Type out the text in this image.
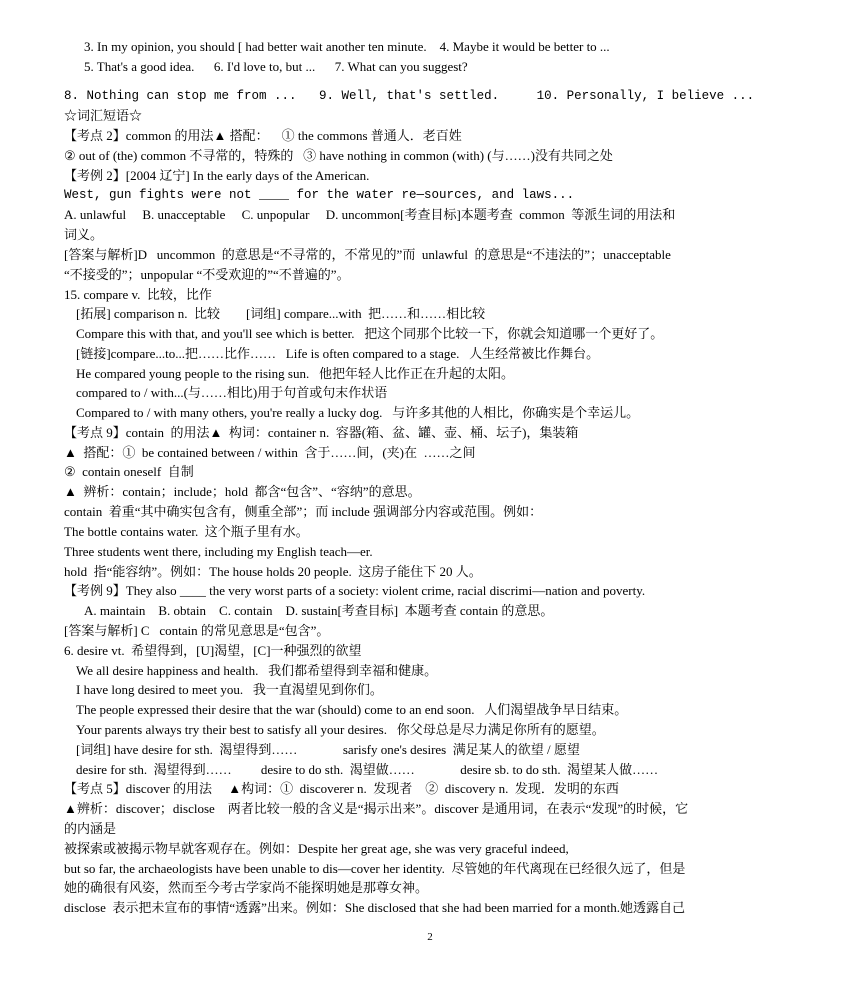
3. In my opinion, you should [ had better wait another ten minute.    4. Maybe it would be better to ...
5. That's a good idea.      6. I'd love to, but ...      7. What can you suggest?
8. Nothing can stop me from ...   9. Well, that's settled.     10. Personally, I believe ...
☆词汇短语☆
【考点 2】common 的用法▲ 搭配：    ① the commons 普通人．老百姓
② out of (the) common 不寻常的，特殊的   ③ have nothing in common (with) (与……)没有共同之处
【考例 2】[2004 辽宁] In the early days of the American.
West, gun fights were not ____ for the water re—sources, and laws...
A. unlawful     B. unacceptable     C. unpopular     D. uncommon[考查目标]本题考查  common  等派生词的用法和
词义。
[答案与解析]D   uncommon  的意思是“不寻常的，不常见的”而  unlawful  的意思是“不违法的”；unacceptable
“不接受的”；unpopular “不受欢迎的”“不普遍的”。
15. compare v.  比较，比作
[拓展] comparison n.  比较        [词组] compare...with  把……和……相比较
Compare this with that, and you'll see which is better.   把这个同那个比较一下，你就会知道哪一个更好了。
[链接]compare...to...把……比作……   Life is often compared to a stage.   人生经常被比作舞台。
He compared young people to the rising sun.   他把年轻人比作正在升起的太阳。
compared to / with...(与……相比)用于句首或句末作状语
Compared to / with many others, you're really a lucky dog.   与许多其他的人相比，你确实是个幸运儿。
【考点 9】contain  的用法▲  构词：container n.  容器(箱、盆、罐、壶、桶、坛子)，集装箱
▲  搭配：①  be contained between / within  含于……间，(夹)在  ……之间
②  contain oneself  自制
▲  辨析：contain；include；hold  都含“包含”、“容纳”的意思。
contain  着重“其中确实包含有，侧重全部”；而 include 强调部分内容或范围。例如：
The bottle contains water.  这个瓶子里有水。
Three students went there, including my English teach—er.
hold  指“能容纳”。例如：The house holds 20 people.  这房子能住下 20 人。
【考例 9】They also ____ the very worst parts of a society: violent crime, racial discrimi—nation and poverty.
A. maintain    B. obtain    C. contain    D. sustain[考查目标]  本题考查 contain 的意思。
[答案与解析] C   contain 的常见意思是“包含”。
6. desire vt.  希望得到，[U]渴望，[C]一种强烈的欲望
We all desire happiness and health.   我们都希望得到幸福和健康。
I have long desired to meet you.   我一直渴望见到你们。
The people expressed their desire that the war (should) come to an end soon.   人们渴望战争早日结束。
Your parents always try their best to satisfy all your desires.   你父母总是尽力满足你所有的愿望。
[词组] have desire for sth.  渴望得到……              sarisfy one's desires  满足某人的欲望 / 愿望
desire for sth.  渴望得到……         desire to do sth.  渴望做……              desire sb. to do sth.  渴望某人做……
【考点 5】discover 的用法     ▲构词：①  discoverer n.  发现者    ②  discovery n.  发现．发明的东西
▲辨析：discover；disclose    两者比较一般的含义是“揭示出来”。discover 是通用词，在表示“发现”的时候，它
的内涵是
被探索或被揭示物早就客观存在。例如：Despite her great age, she was very graceful indeed,
but so far, the archaeologists have been unable to dis—cover her identity.  尽管她的年代离现在已经很久远了，但是
她的确很有风姿，然而至今考古学家尚不能探明她是那尊女神。
disclose  表示把未宣布的事情“透露”出来。例如：She disclosed that she had been married for a month.她透露自己
2
